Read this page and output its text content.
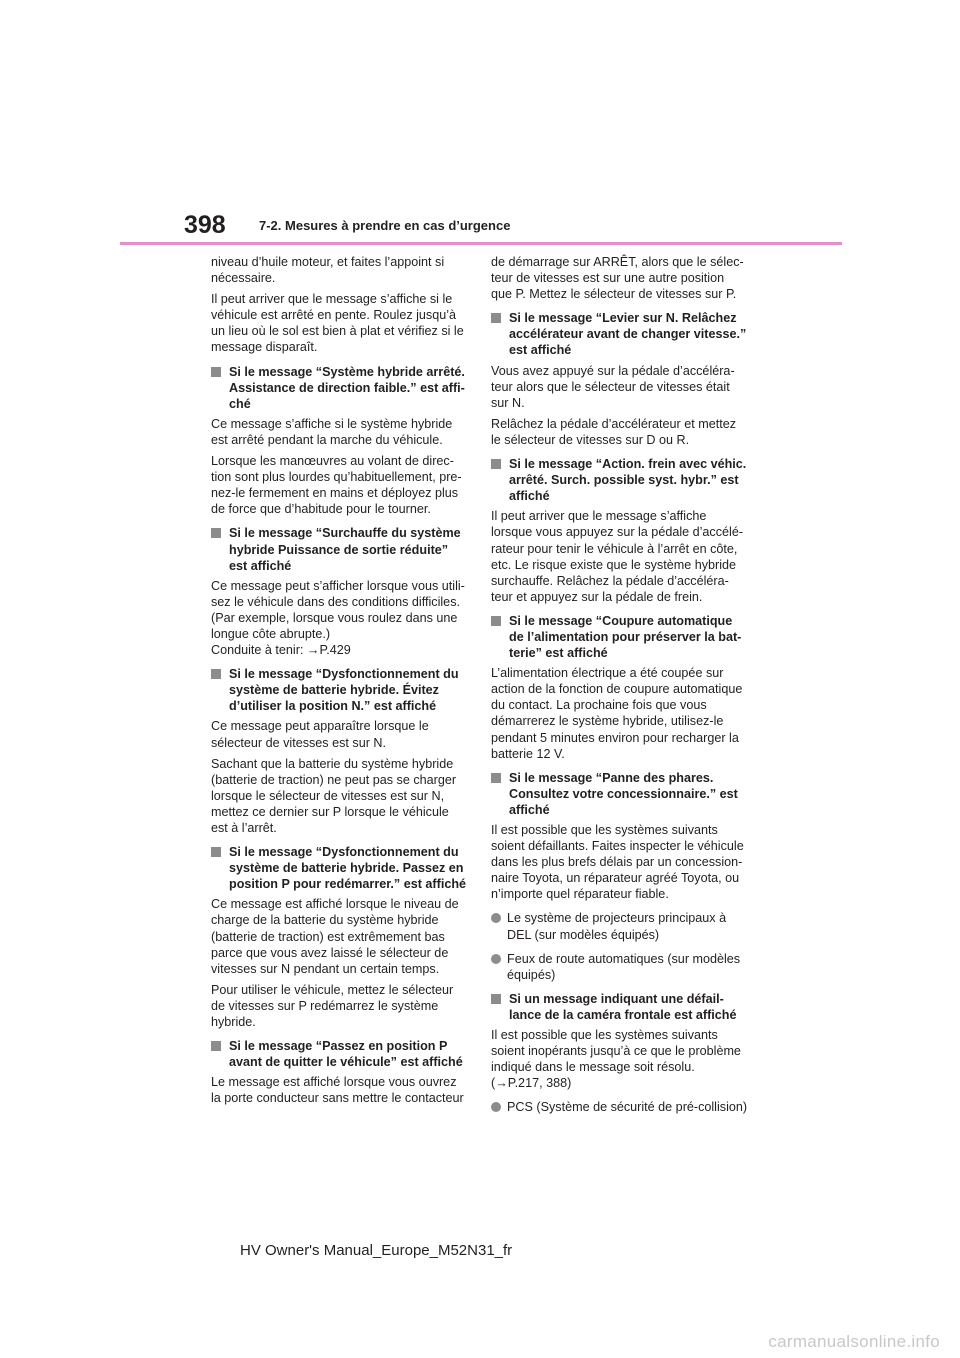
398	7-2. Mesures à prendre en cas d’urgence
niveau d’huile moteur, et faites l’appoint si
nécessaire.
Il peut arriver que le message s’affiche si le
véhicule est arrêté en pente. Roulez jusqu’à
un lieu où le sol est bien à plat et vérifiez si le
message disparaît.
Si le message “Système hybride arrêté.
Assistance de direction faible.” est affi-
ché
Ce message s’affiche si le système hybride
est arrêté pendant la marche du véhicule.
Lorsque les manœuvres au volant de direc-
tion sont plus lourdes qu’habituellement, pre-
nez-le fermement en mains et déployez plus
de force que d’habitude pour le tourner.
Si le message “Surchauffe du système
hybride Puissance de sortie réduite”
est affiché
Ce message peut s’afficher lorsque vous utili-
sez le véhicule dans des conditions difficiles.
(Par exemple, lorsque vous roulez dans une
longue côte abrupte.)
Conduite à tenir: →P.429
Si le message “Dysfonctionnement du
système de batterie hybride. Évitez
d’utiliser la position N.” est affiché
Ce message peut apparaître lorsque le
sélecteur de vitesses est sur N.
Sachant que la batterie du système hybride
(batterie de traction) ne peut pas se charger
lorsque le sélecteur de vitesses est sur N,
mettez ce dernier sur P lorsque le véhicule
est à l’arrêt.
Si le message “Dysfonctionnement du
système de batterie hybride. Passez en
position P pour redémarrer.” est affiché
Ce message est affiché lorsque le niveau de
charge de la batterie du système hybride
(batterie de traction) est extrêmement bas
parce que vous avez laissé le sélecteur de
vitesses sur N pendant un certain temps.
Pour utiliser le véhicule, mettez le sélecteur
de vitesses sur P redémarrez le système
hybride.
Si le message “Passez en position P
avant de quitter le véhicule” est affiché
Le message est affiché lorsque vous ouvrez
la porte conducteur sans mettre le contacteur
de démarrage sur ARRÊT, alors que le sélec-
teur de vitesses est sur une autre position
que P. Mettez le sélecteur de vitesses sur P.
Si le message “Levier sur N. Relâchez
accélérateur avant de changer vitesse.”
est affiché
Vous avez appuyé sur la pédale d’accéléra-
teur alors que le sélecteur de vitesses était
sur N.
Relâchez la pédale d’accélérateur et mettez
le sélecteur de vitesses sur D ou R.
Si le message “Action. frein avec véhic.
arrêté. Surch. possible syst. hybr.” est
affiché
Il peut arriver que le message s’affiche
lorsque vous appuyez sur la pédale d’accélé-
rateur pour tenir le véhicule à l’arrêt en côte,
etc. Le risque existe que le système hybride
surchauffe. Relâchez la pédale d’accéléra-
teur et appuyez sur la pédale de frein.
Si le message “Coupure automatique
de l’alimentation pour préserver la bat-
terie” est affiché
L’alimentation électrique a été coupée sur
action de la fonction de coupure automatique
du contact. La prochaine fois que vous
démarrerez le système hybride, utilisez-le
pendant 5 minutes environ pour recharger la
batterie 12 V.
Si le message “Panne des phares.
Consultez votre concessionnaire.” est
affiché
Il est possible que les systèmes suivants
soient défaillants. Faites inspecter le véhicule
dans les plus brefs délais par un concession-
naire Toyota, un réparateur agréé Toyota, ou
n’importe quel réparateur fiable.
Le système de projecteurs principaux à
DEL (sur modèles équipés)
Feux de route automatiques (sur modèles
équipés)
Si un message indiquant une défail-
lance de la caméra frontale est affiché
Il est possible que les systèmes suivants
soient inopérants jusqu’à ce que le problème
indiqué dans le message soit résolu.
(→P.217, 388)
PCS (Système de sécurité de pré-collision)
HV Owner's Manual_Europe_M52N31_fr
carmanualsonline.info
